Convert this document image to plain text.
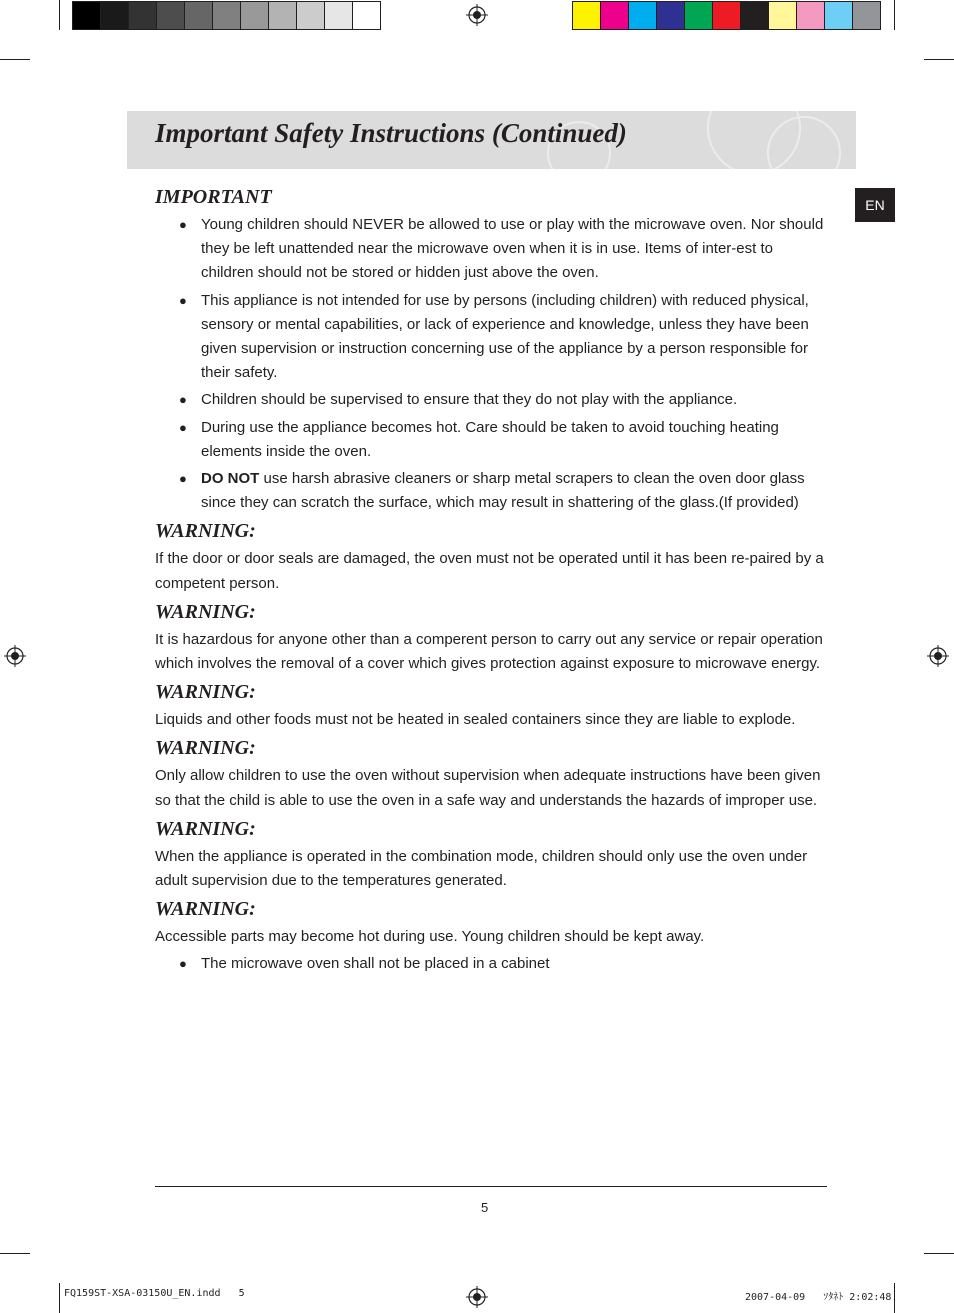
Important Safety Instructions (Continued)
EN
IMPORTANT
● Young children should NEVER be allowed to use or play with the microwave oven. Nor should they be left unattended near the microwave oven when it is in use. Items of inter-est to children should not be stored or hidden just above the oven.
● This appliance is not intended for use by persons (including children) with reduced physical, sensory or mental capabilities, or lack of experience and knowledge, unless they have been given supervision or instruction concerning use of the appliance by a person responsible for their safety.
● Children should be supervised to ensure that they do not play with the appliance.
● During use the appliance becomes hot. Care should be taken to avoid touching heating elements inside the oven.
● DO NOT use harsh abrasive cleaners or sharp metal scrapers to clean the oven door glass since they can scratch the surface, which may result in shattering of the glass.(If provided)
WARNING:

If the door or door seals are damaged, the oven must not be operated until it has been re-paired by a competent person.

WARNING:

It is hazardous for anyone other than a comperent person to carry out any service or repair operation which involves the removal of a cover which gives protection against exposure to microwave energy.

WARNING:

Liquids and other foods must not be heated in sealed containers since they are liable to explode.

WARNING:

Only allow children to use the oven without supervision when adequate instructions have been given so that the child is able to use the oven in a safe way and understands the hazards of improper use.

WARNING:

When the appliance is operated in the combination mode, children should only use the oven under adult supervision due to the temperatures generated.

WARNING:

Accessible parts may become hot during use. Young children should be kept away.

● The microwave oven shall not be placed in a cabinet
5
FQ159ST-XSA-03150U_EN.indd   5	2007-04-09   ｿﾀﾈﾄ 2:02:48
